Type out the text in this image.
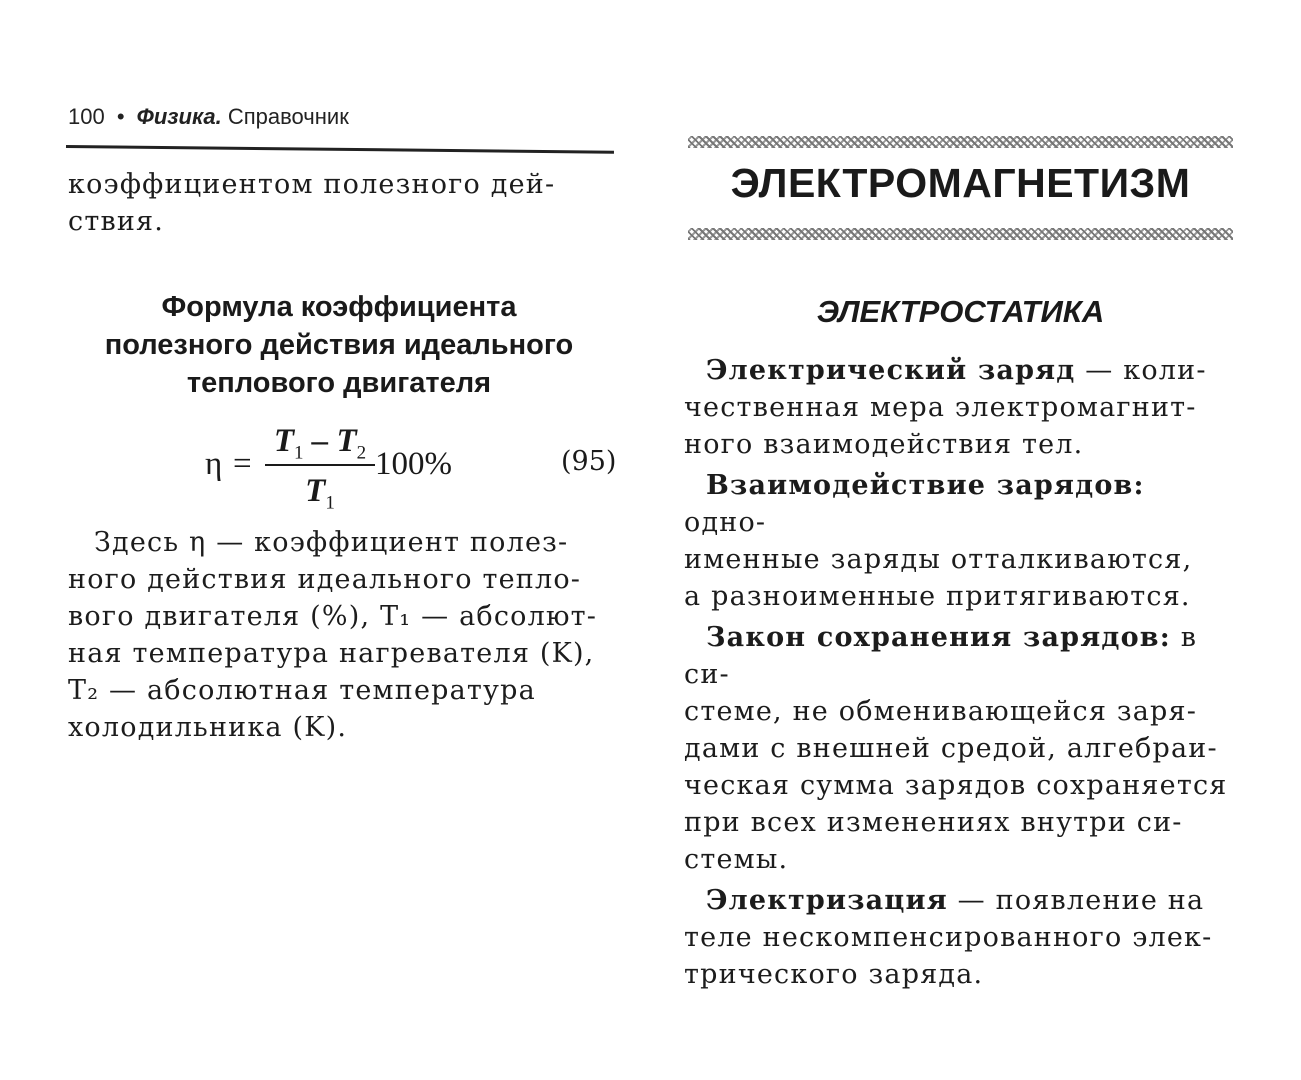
100 • Физика. Справочник
коэффициентом полезного дей-
ствия.
Формула коэффициента
полезного действия идеального
теплового двигателя
η =
$T_1 - T_2$
$T_1$
100%	(95)
Здесь η — коэффициент полез-
ного действия идеального тепло-
вого двигателя (%), T₁ — абсолют-
ная температура нагревателя (K),
T₂ — абсолютная температура
холодильника (K).
ЭЛЕКТРОМАГНЕТИЗМ
ЭЛЕКТРОСТАТИКА
Электрический заряд — коли-
чественная мера электромагнит-
ного взаимодействия тел.
Взаимодействие зарядов: одно-
именные заряды отталкиваются,
а разноименные притягиваются.
Закон сохранения зарядов: в си-
стеме, не обменивающейся заря-
дами с внешней средой, алгебраи-
ческая сумма зарядов сохраняется
при всех изменениях внутри си-
стемы.
Электризация — появление на
теле нескомпенсированного элек-
трического заряда.
